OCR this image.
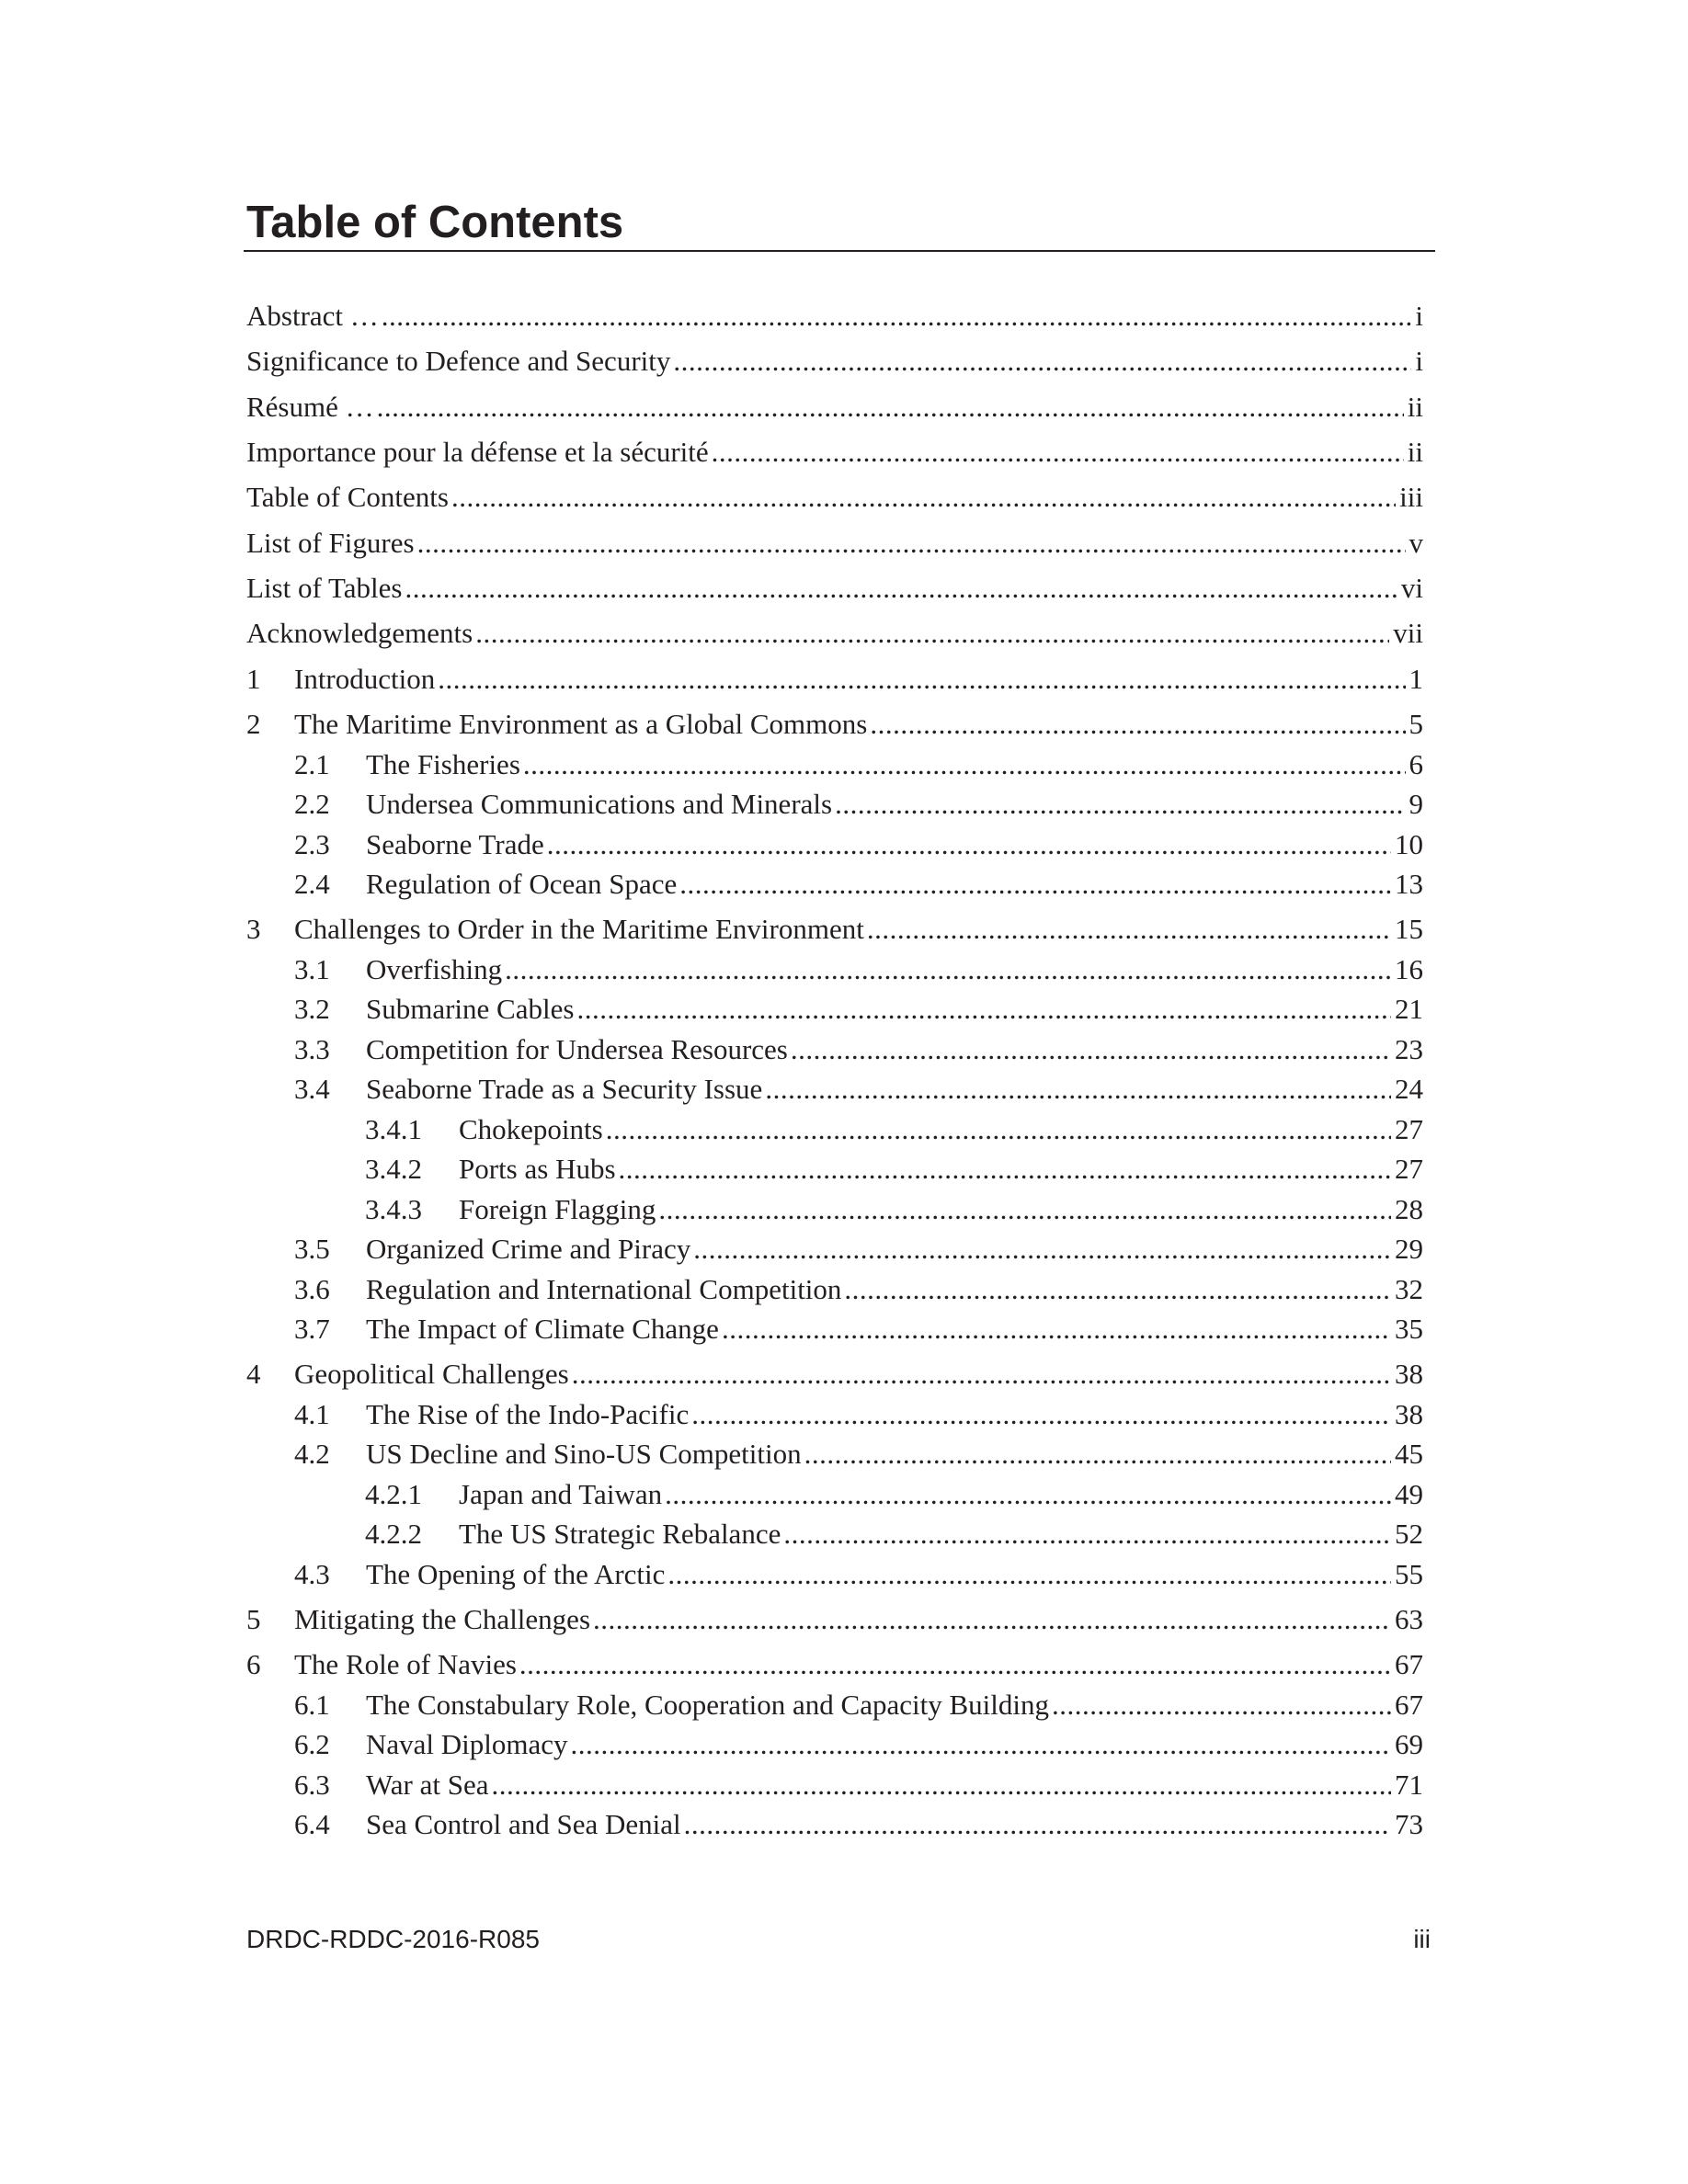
Table of Contents
Abstract … .....	i
Significance to Defence and Security .....	i
Résumé … .....	ii
Importance pour la défense et la sécurité .....	ii
Table of Contents .....	iii
List of Figures .....	v
List of Tables .....	vi
Acknowledgements .....	vii
1	Introduction .....	1
2	The Maritime Environment as a Global Commons .....	5
2.1	The Fisheries .....	6
2.2	Undersea Communications and Minerals .....	9
2.3	Seaborne Trade .....	10
2.4	Regulation of Ocean Space .....	13
3	Challenges to Order in the Maritime Environment .....	15
3.1	Overfishing .....	16
3.2	Submarine Cables .....	21
3.3	Competition for Undersea Resources .....	23
3.4	Seaborne Trade as a Security Issue .....	24
3.4.1	Chokepoints .....	27
3.4.2	Ports as Hubs .....	27
3.4.3	Foreign Flagging .....	28
3.5	Organized Crime and Piracy .....	29
3.6	Regulation and International Competition .....	32
3.7	The Impact of Climate Change .....	35
4	Geopolitical Challenges .....	38
4.1	The Rise of the Indo-Pacific .....	38
4.2	US Decline and Sino-US Competition .....	45
4.2.1	Japan and Taiwan .....	49
4.2.2	The US Strategic Rebalance .....	52
4.3	The Opening of the Arctic .....	55
5	Mitigating the Challenges .....	63
6	The Role of Navies .....	67
6.1	The Constabulary Role, Cooperation and Capacity Building .....	67
6.2	Naval Diplomacy .....	69
6.3	War at Sea .....	71
6.4	Sea Control and Sea Denial .....	73
DRDC-RDDC-2016-R085	iii
